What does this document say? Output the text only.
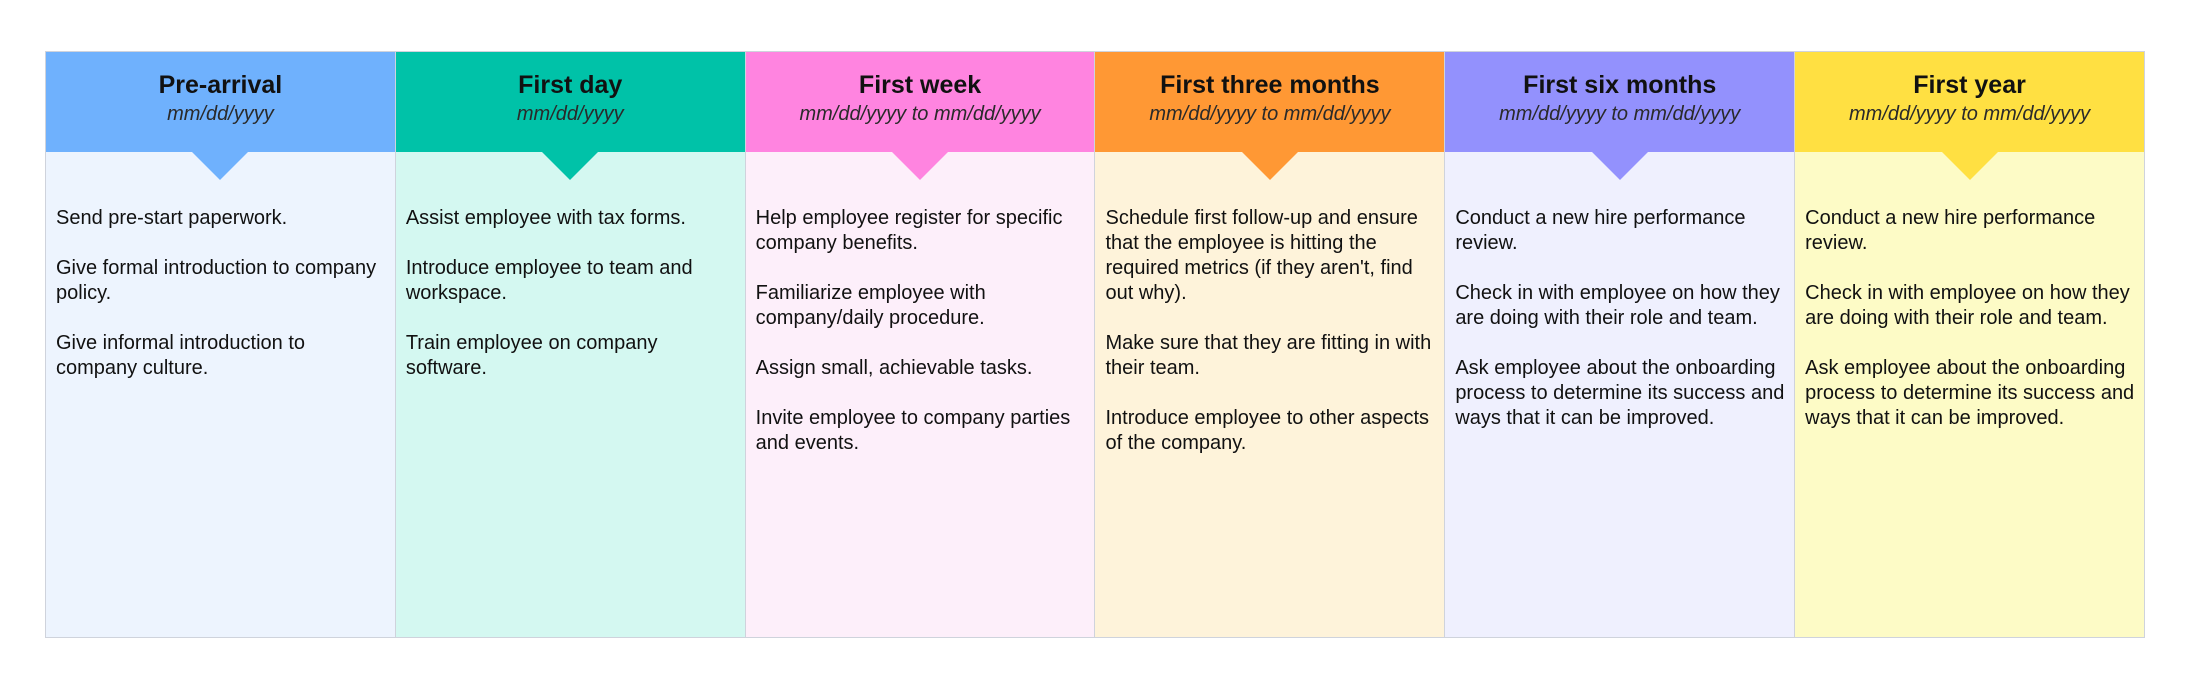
Pre-arrival
mm/dd/yyyy
Send pre-start paperwork.
Give formal introduction to company policy.
Give informal introduction to company culture.
First day
mm/dd/yyyy
Assist employee with tax forms.
Introduce employee to team and workspace.
Train employee on company software.
First week
mm/dd/yyyy to mm/dd/yyyy
Help employee register for specific company benefits.
Familiarize employee with company/daily procedure.
Assign small, achievable tasks.
Invite employee to company parties and events.
First three months
mm/dd/yyyy to mm/dd/yyyy
Schedule first follow-up and ensure that the employee is hitting the required metrics (if they aren't, find out why).
Make sure that they are fitting in with their team.
Introduce employee to other aspects of the company.
First six months
mm/dd/yyyy to mm/dd/yyyy
Conduct a new hire performance review.
Check in with employee on how they are doing with their role and team.
Ask employee about the onboarding process to determine its success and ways that it can be improved.
First year
mm/dd/yyyy to mm/dd/yyyy
Conduct a new hire performance review.
Check in with employee on how they are doing with their role and team.
Ask employee about the onboarding process to determine its success and ways that it can be improved.
